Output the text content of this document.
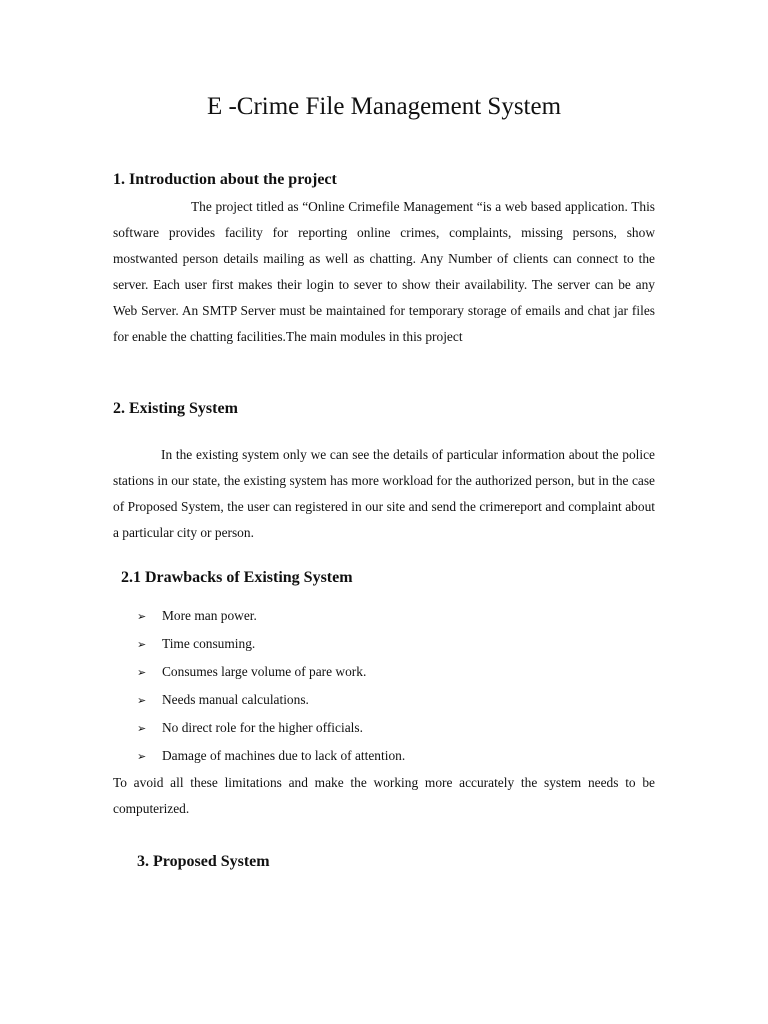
E -Crime File Management System
1. Introduction about the project

The project titled as “Online Crimefile Management “is a web based application. This software provides facility for reporting online crimes, complaints, missing persons, show mostwanted person details mailing as well as chatting. Any Number of clients can connect to the server. Each user first makes their login to sever to show their availability. The server can be any Web Server. An SMTP Server must be maintained for temporary storage of emails and chat jar files for enable the chatting facilities.The main modules in this project

2. Existing System

In the existing system only we can see the details of particular information about the police stations in our state, the existing system has more workload for the authorized person, but in the case of Proposed System, the user can registered in our site and send the crimereport and complaint about a particular city or person.

2.1 Drawbacks of Existing System
➢ More man power.
➢ Time consuming.
➢ Consumes large volume of pare work.
➢ Needs manual calculations.
➢ No direct role for the higher officials.
➢ Damage of machines due to lack of attention.

To avoid all these limitations and make the working more accurately the system needs to be computerized.

3. Proposed System
